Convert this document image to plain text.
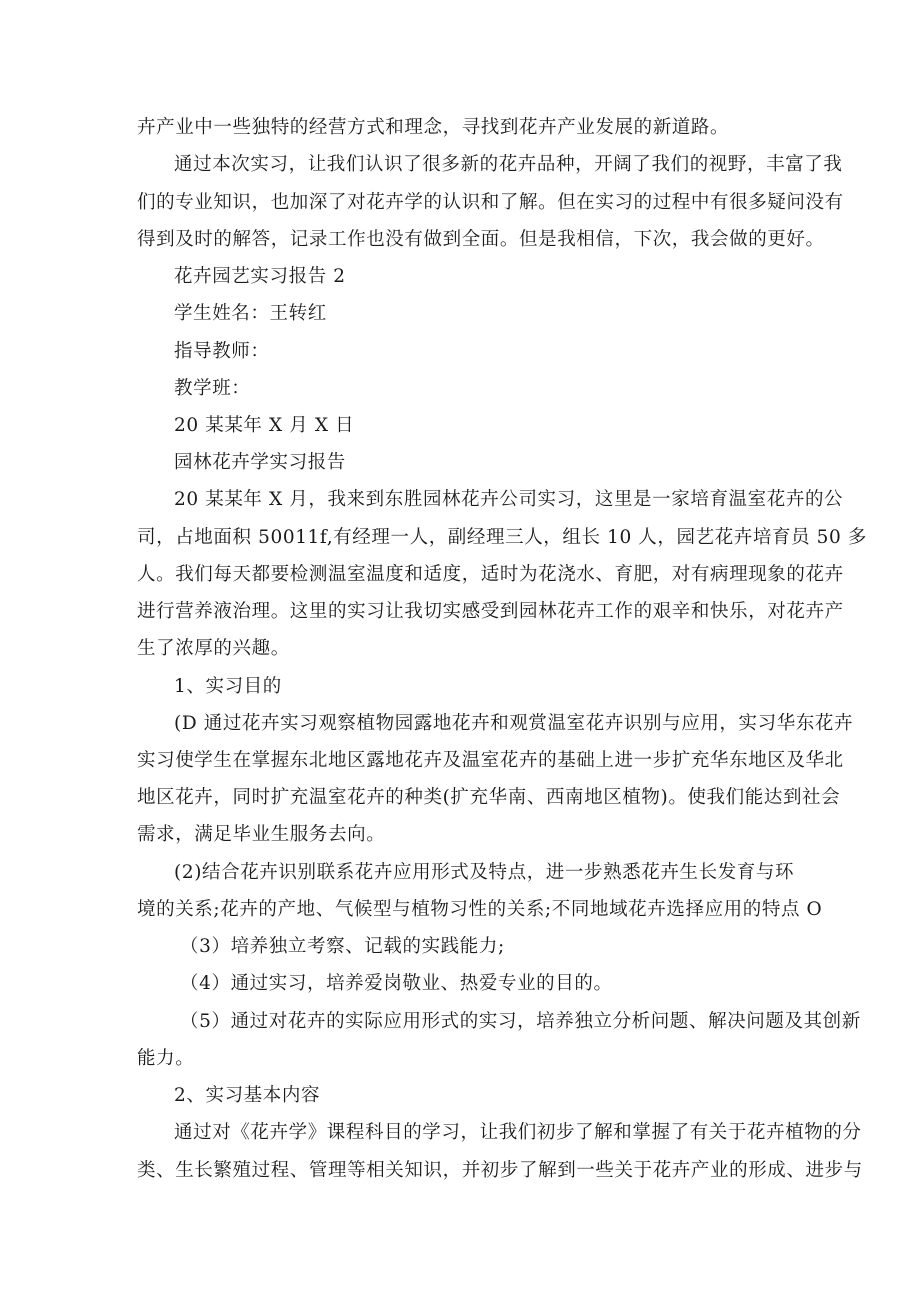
卉产业中一些独特的经营方式和理念，寻找到花卉产业发展的新道路。
通过本次实习，让我们认识了很多新的花卉品种，开阔了我们的视野，丰富了我
们的专业知识，也加深了对花卉学的认识和了解。但在实习的过程中有很多疑问没有
得到及时的解答，记录工作也没有做到全面。但是我相信，下次，我会做的更好。
花卉园艺实习报告 2
学生姓名：王转红
指导教师：
教学班：
20 某某年 X 月 X 日
园林花卉学实习报告
20 某某年 X 月，我来到东胜园林花卉公司实习，这里是一家培育温室花卉的公
司，占地面积 50011f,有经理一人，副经理三人，组长 10 人，园艺花卉培育员 50 多
人。我们每天都要检测温室温度和适度，适时为花浇水、育肥，对有病理现象的花卉
进行营养液治理。这里的实习让我切实感受到园林花卉工作的艰辛和快乐，对花卉产
生了浓厚的兴趣。
1、实习目的
(D 通过花卉实习观察植物园露地花卉和观赏温室花卉识别与应用，实习华东花卉
实习使学生在掌握东北地区露地花卉及温室花卉的基础上进一步扩充华东地区及华北
地区花卉，同时扩充温室花卉的种类(扩充华南、西南地区植物)。使我们能达到社会
需求，满足毕业生服务去向。
(2)结合花卉识别联系花卉应用形式及特点，进一步熟悉花卉生长发育与环
境的关系;花卉的产地、气候型与植物习性的关系;不同地域花卉选择应用的特点 O
（3）培养独立考察、记载的实践能力;
（4）通过实习，培养爱岗敬业、热爱专业的目的。
（5）通过对花卉的实际应用形式的实习，培养独立分析问题、解决问题及其创新
能力。
2、实习基本内容
通过对《花卉学》课程科目的学习，让我们初步了解和掌握了有关于花卉植物的分
类、生长繁殖过程、管理等相关知识，并初步了解到一些关于花卉产业的形成、进步与
